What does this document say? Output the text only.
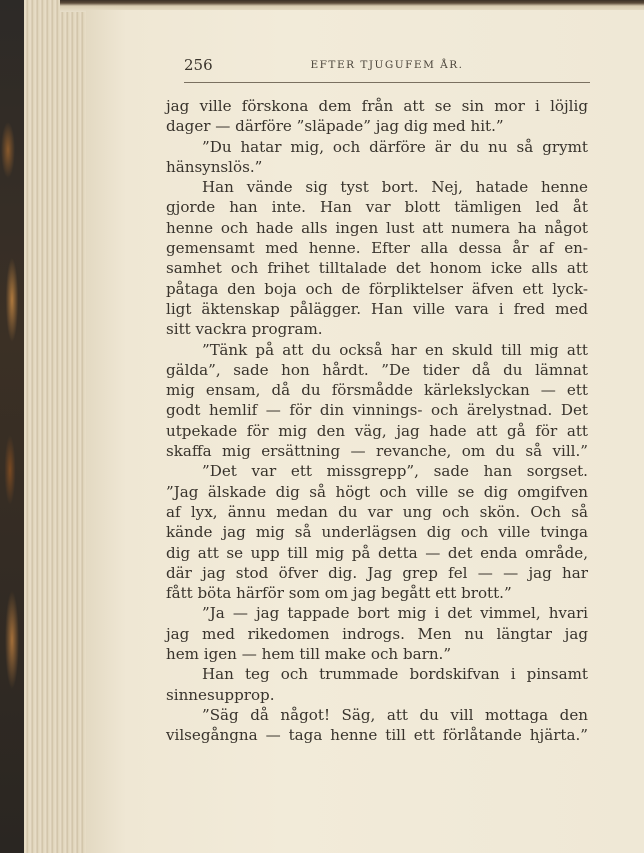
256	EFTER TJUGUFEM ÅR.
jag ville förskona dem från att se sin mor i löjlig
dager — därföre ”släpade” jag dig med hit.”
”Du hatar mig, och därföre är du nu så grymt
hänsynslös.”
Han vände sig tyst bort. Nej, hatade henne
gjorde han inte. Han var blott tämligen led åt
henne och hade alls ingen lust att numera ha något
gemensamt med henne. Efter alla dessa år af en-
samhet och frihet tilltalade det honom icke alls att
påtaga den boja och de förpliktelser äfven ett lyck-
ligt äktenskap pålägger. Han ville vara i fred med
sitt vackra program.
”Tänk på att du också har en skuld till mig att
gälda”, sade hon hårdt. ”De tider då du lämnat
mig ensam, då du försmådde kärlekslyckan — ett
godt hemlif — för din vinnings- och ärelystnad. Det
utpekade för mig den väg, jag hade att gå för att
skaffa mig ersättning — revanche, om du så vill.”
”Det var ett missgrepp”, sade han sorgset.
”Jag älskade dig så högt och ville se dig omgifven
af lyx, ännu medan du var ung och skön. Och så
kände jag mig så underlägsen dig och ville tvinga
dig att se upp till mig på detta — det enda område,
där jag stod öfver dig. Jag grep fel — — jag har
fått böta härför som om jag begått ett brott.”
”Ja — jag tappade bort mig i det vimmel, hvari
jag med rikedomen indrogs. Men nu längtar jag
hem igen — hem till make och barn.”
Han teg och trummade bordskifvan i pinsamt
sinnesupprор.
”Säg då något! Säg, att du vill mottaga den
vilsegångna — taga henne till ett förlåtande hjärta.”
